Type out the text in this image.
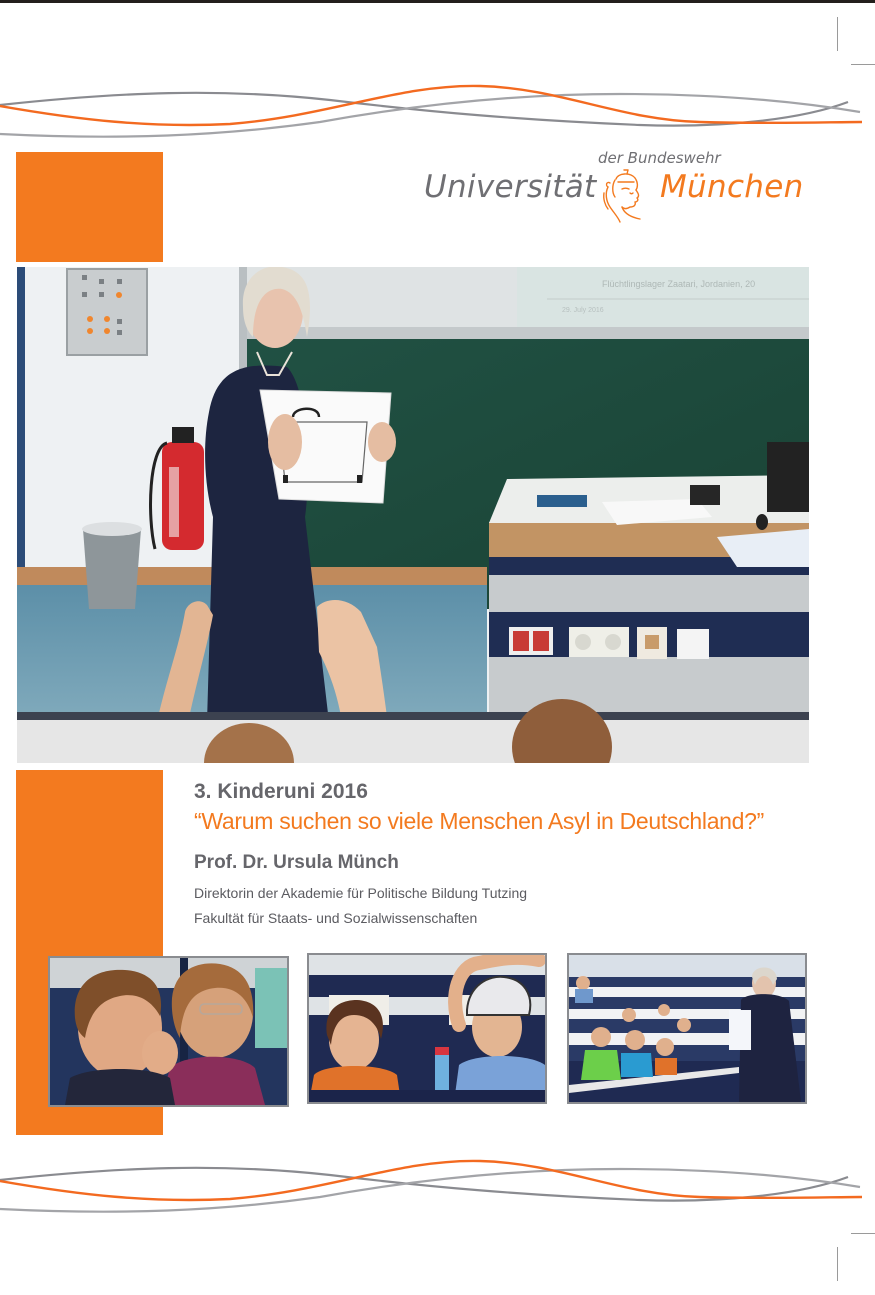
der Bundeswehr
Universität München
Flüchtlingslager Zaatari, Jordanien, 20
29. July 2016

3. Kinderuni 2016

“Warum suchen so viele Menschen Asyl in Deutschland?”

Prof. Dr. Ursula Münch

Direktorin der Akademie für Politische Bildung Tutzing

Fakultät für Staats- und Sozialwissenschaften
